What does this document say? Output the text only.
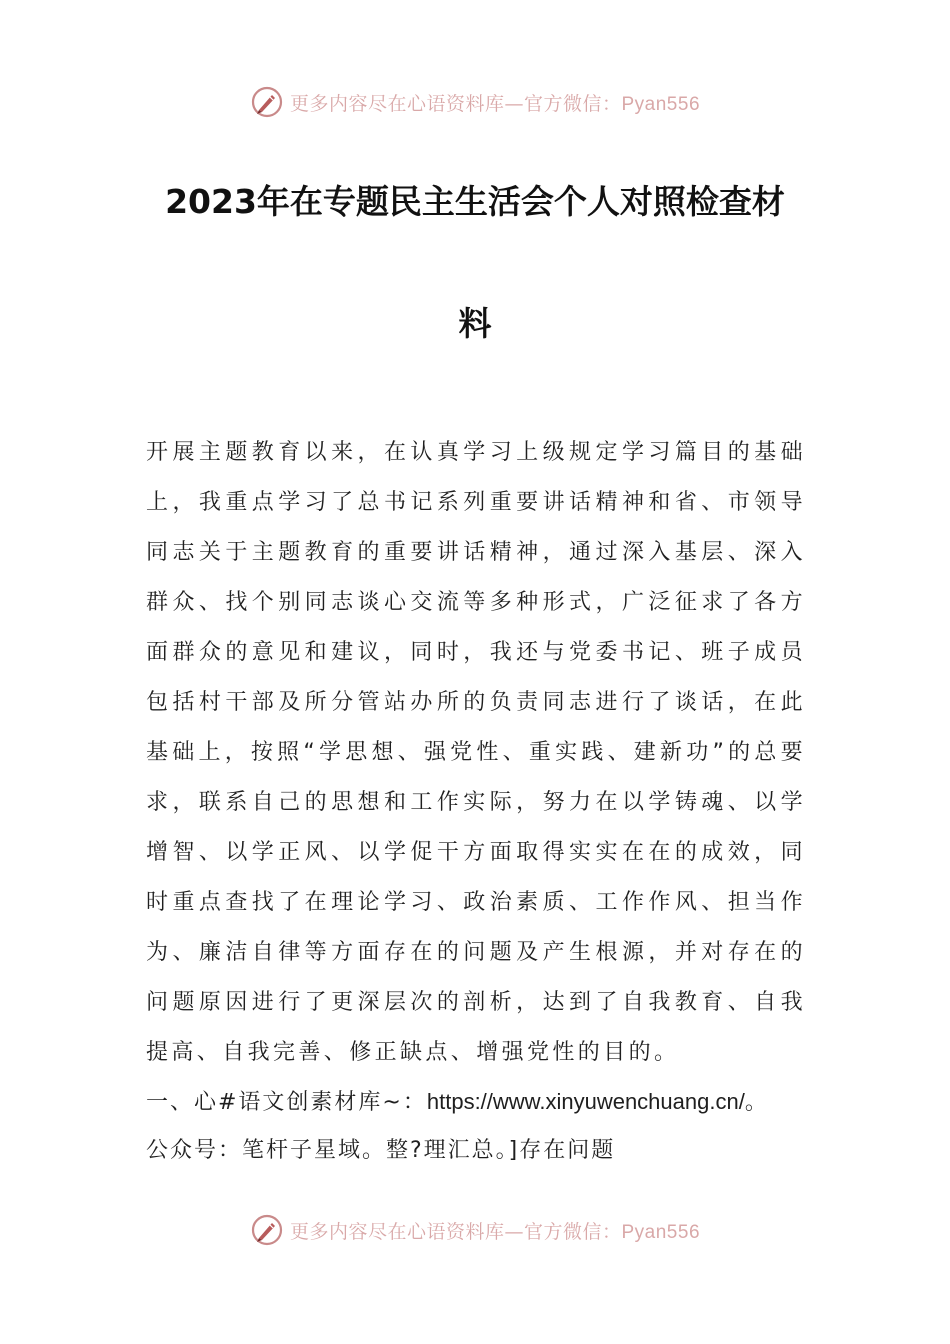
更多内容尽在心语资料库—官方微信：Pyan556
2023年在专题民主生活会个人对照检查材
料

开展主题教育以来，在认真学习上级规定学习篇目的基础上，我重点学习了总书记系列重要讲话精神和省、市领导同志关于主题教育的重要讲话精神，通过深入基层、深入群众、找个别同志谈心交流等多种形式，广泛征求了各方面群众的意见和建议，同时，我还与党委书记、班子成员包括村干部及所分管站办所的负责同志进行了谈话，在此基础上，按照“学思想、强党性、重实践、建新功”的总要求，联系自己的思想和工作实际，努力在以学铸魂、以学增智、以学正风、以学促干方面取得实实在在的成效，同时重点查找了在理论学习、政治素质、工作作风、担当作为、廉洁自律等方面存在的问题及产生根源，并对存在的问题原因进行了更深层次的剖析，达到了自我教育、自我提高、自我完善、修正缺点、增强党性的目的。

一、心#语文创素材库~：https://www.xinyuwenchuang.cn/。

公众号：笔杆子星域。整?理汇总。]存在问题

更多内容尽在心语资料库—官方微信：Pyan556
